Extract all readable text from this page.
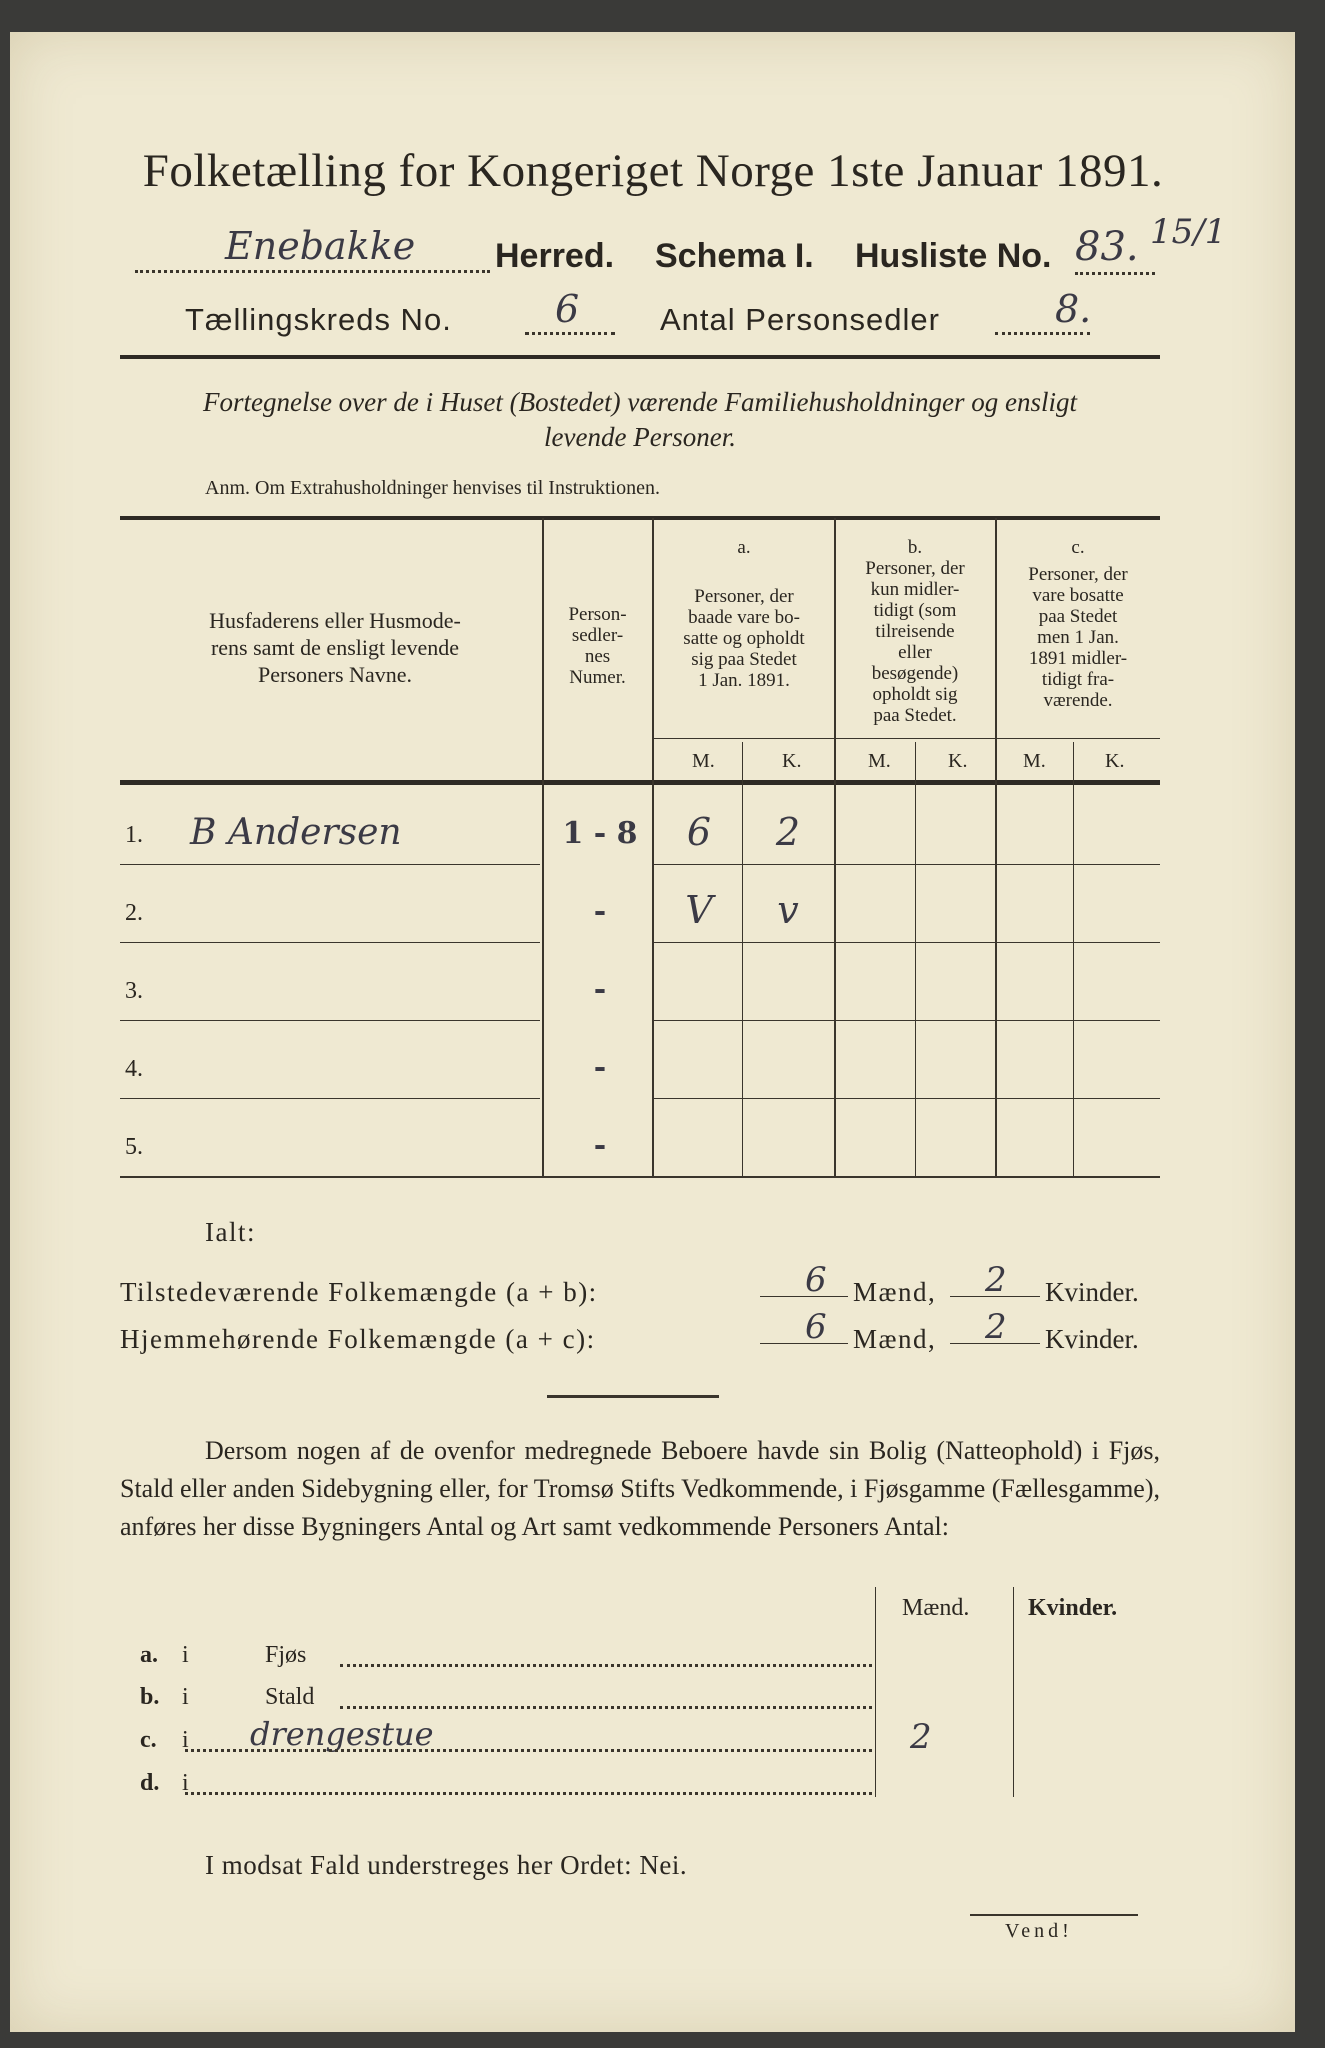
Folketælling for Kongeriget Norge 1ste Januar 1891.
Enebakke Herred. Schema I. Husliste No. 83. 15/1
Tællingskreds No.	6	Antal Personsedler	8.
Fortegnelse over de i Huset (Bostedet) værende Familiehusholdninger og ensligt
levende Personer.
Anm. Om Extrahusholdninger henvises til Instruktionen.
Husfaderens eller Husmode-
rens samt de ensligt levende
Personers Navne.
Person-
sedler-
nes
Numer.
a.
Personer, der
baade vare bo-
satte og opholdt
sig paa Stedet
1 Jan. 1891.
b.
Personer, der
kun midler-
tidigt (som
tilreisende
eller
besøgende)
opholdt sig
paa Stedet.
c.
Personer, der
vare bosatte
paa Stedet
men 1 Jan.
1891 midler-
tidigt fra-
værende.
M.	K.	M.	K.	M.	K.
1. B Andersen	1 - 8	6	2
2.	-	V	v
3.	-
4.	-
5.	-
Ialt:
Tilstedeværende Folkemængde (a + b):	6 Mænd, 2 Kvinder.
Hjemmehørende Folkemængde (a + c):	6 Mænd, 2 Kvinder.
Dersom nogen af de ovenfor medregnede Beboere havde sin Bolig (Natteophold) i Fjøs, Stald eller anden Sidebygning eller, for Tromsø Stifts Vedkommende, i Fjøsgamme (Fællesgamme), anføres her disse Bygningers Antal og Art samt vedkommende Personers Antal:
Mænd. Kvinder.
a. i	Fjøs
b. i	Stald
c. i drengestue	2
d. i
I modsat Fald understreges her Ordet: Nei.
Vend!
